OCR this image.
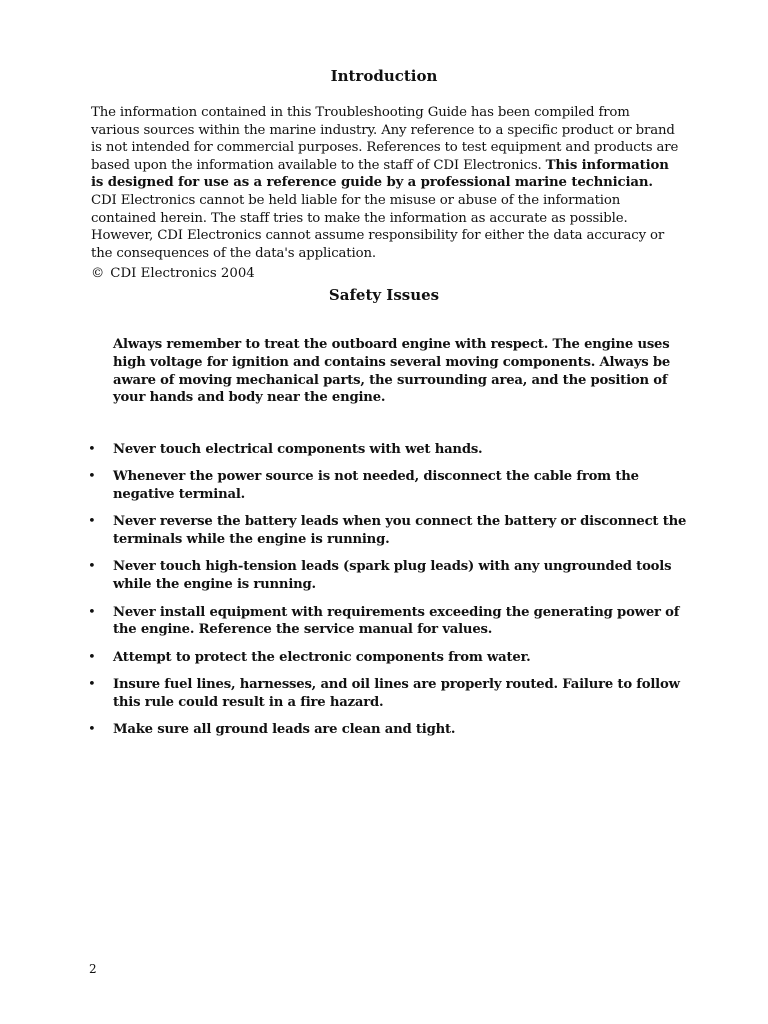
Introduction

The information contained in this Troubleshooting Guide has been compiled from various sources within the marine industry. Any reference to a specific product or brand is not intended for commercial purposes. References to test equipment and products are based upon the information available to the staff of CDI Electronics. This information is designed for use as a reference guide by a professional marine technician. CDI Electronics cannot be held liable for the misuse or abuse of the information contained herein. The staff tries to make the information as accurate as possible. However, CDI Electronics cannot assume responsibility for either the data accuracy or the consequences of the data's application.

© CDI Electronics 2004

Safety Issues

Always remember to treat the outboard engine with respect. The engine uses high voltage for ignition and contains several moving components. Always be aware of moving mechanical parts, the surrounding area, and the position of your hands and body near the engine.

• Never touch electrical components with wet hands.
• Whenever the power source is not needed, disconnect the cable from the negative terminal.
• Never reverse the battery leads when you connect the battery or disconnect the terminals while the engine is running.
• Never touch high-tension leads (spark plug leads) with any ungrounded tools while the engine is running.
• Never install equipment with requirements exceeding the generating power of the engine. Reference the service manual for values.
• Attempt to protect the electronic components from water.
• Insure fuel lines, harnesses, and oil lines are properly routed. Failure to follow this rule could result in a fire hazard.
• Make sure all ground leads are clean and tight.

2
